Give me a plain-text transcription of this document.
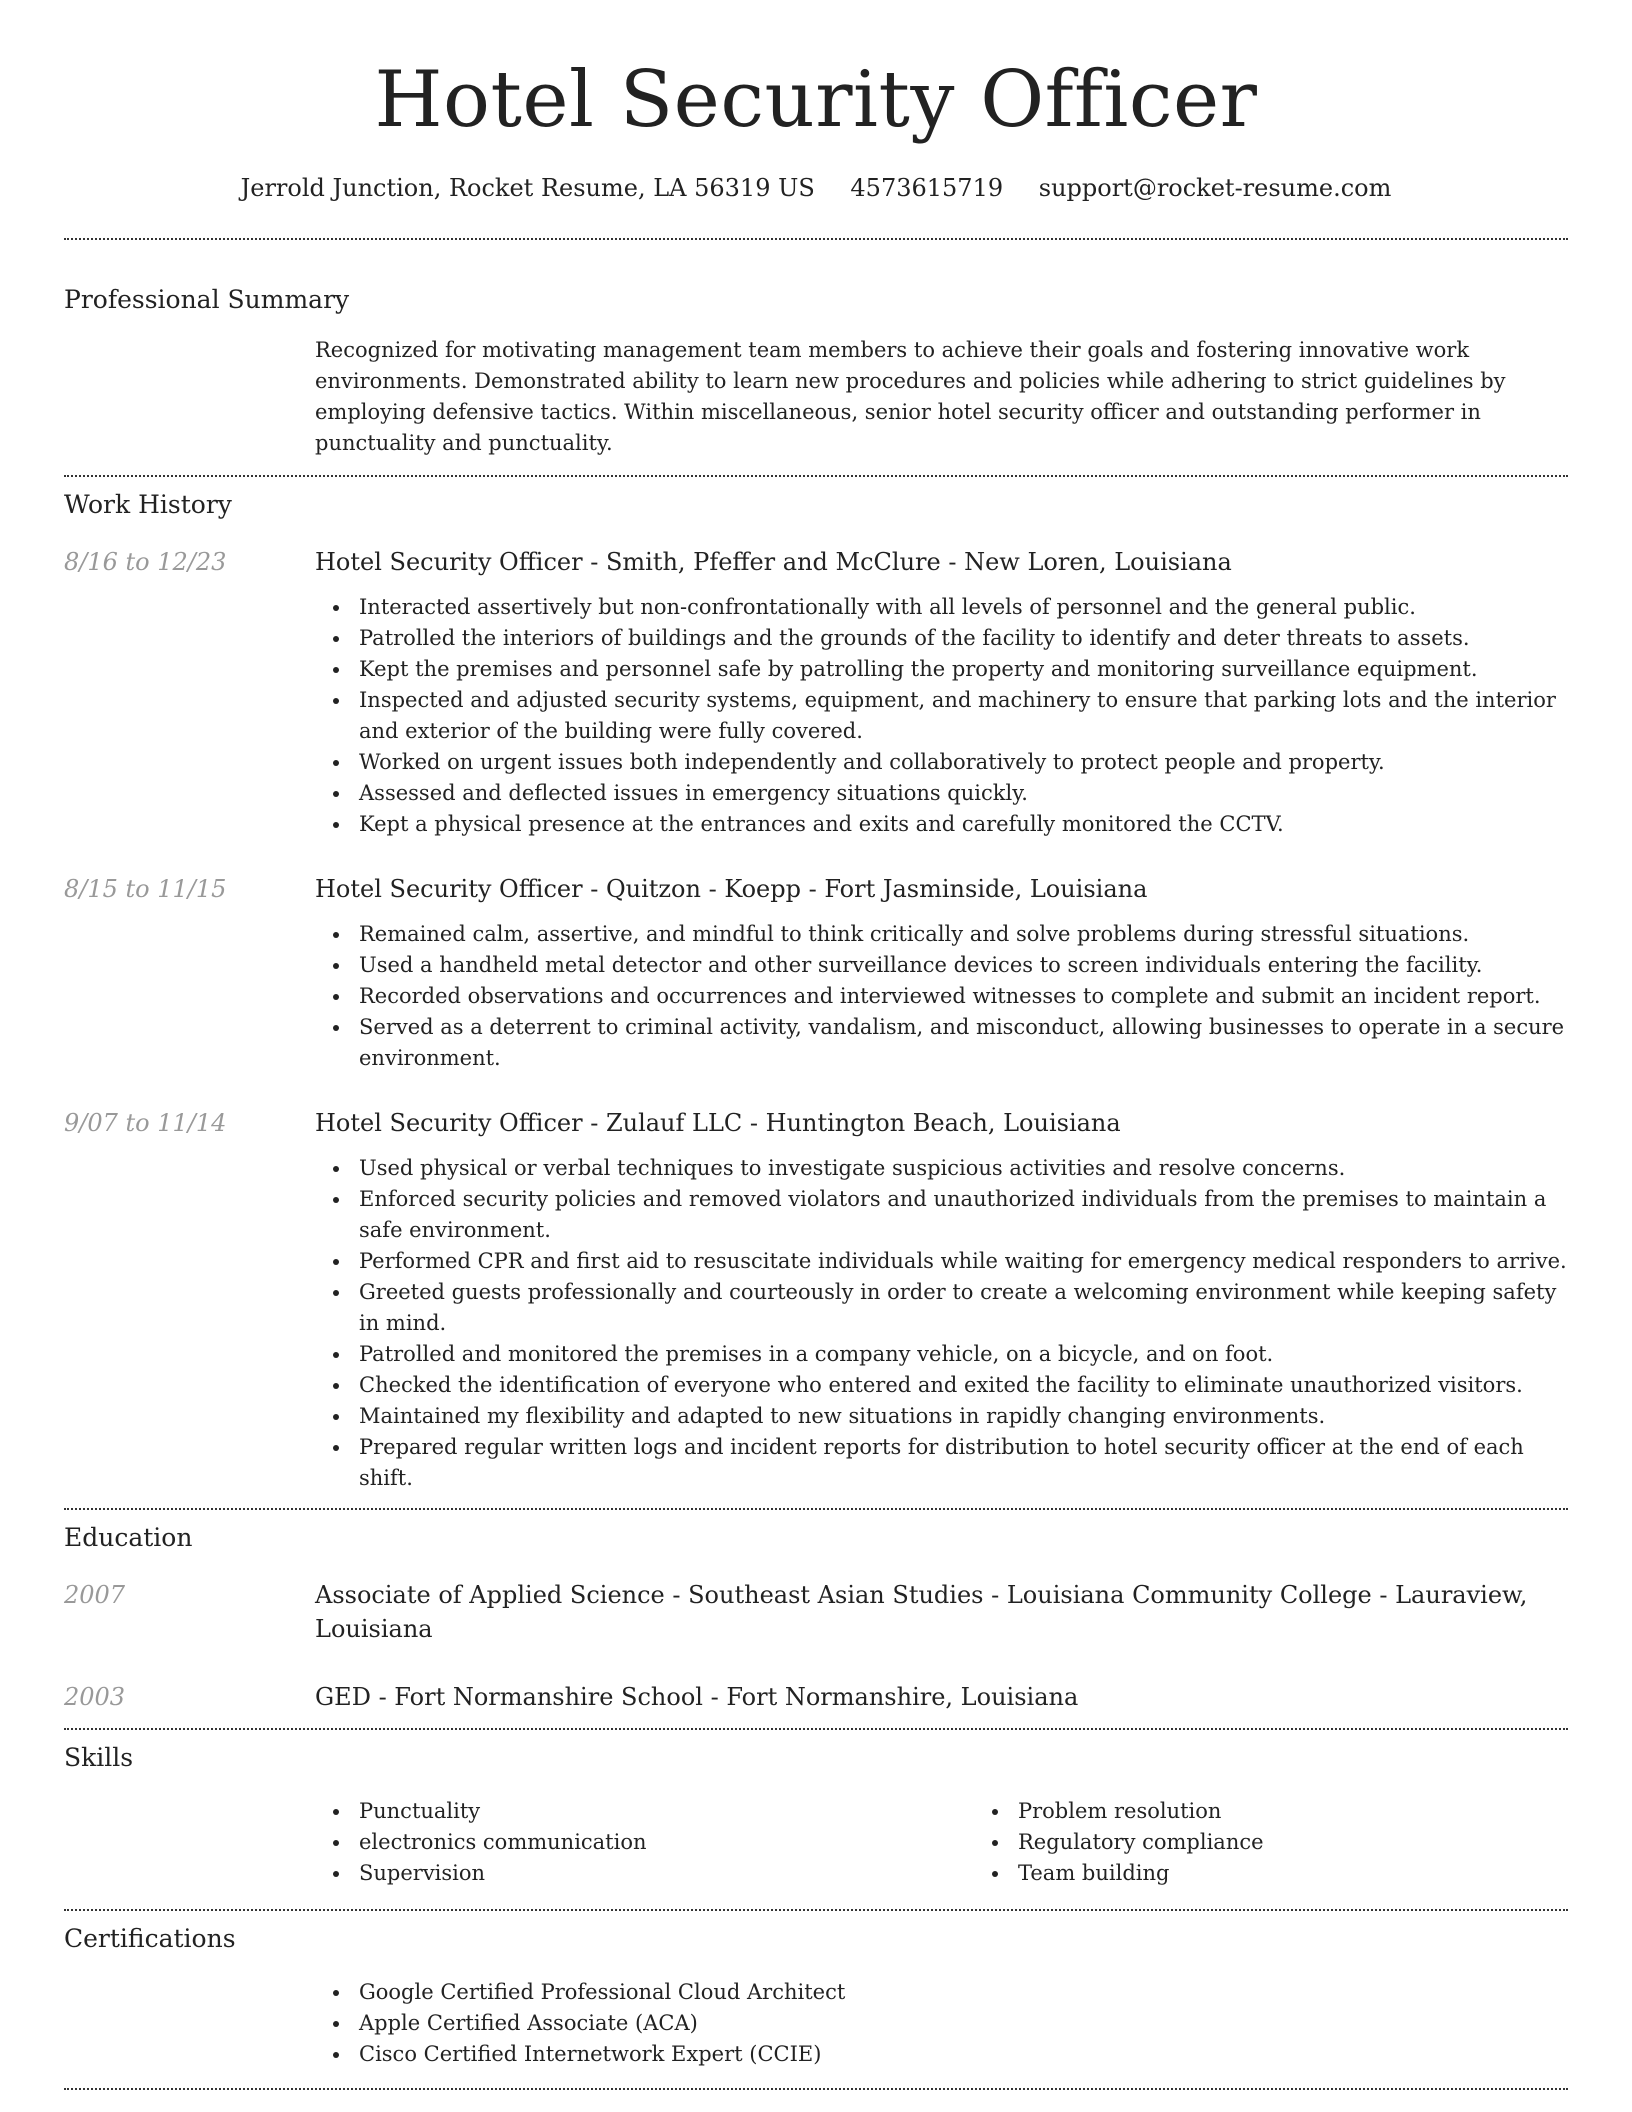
Hotel Security Officer
Jerrold Junction, Rocket Resume, LA 56319 US 4573615719 support@rocket-resume.com
Professional Summary
Recognized for motivating management team members to achieve their goals and fostering innovative work environments. Demonstrated ability to learn new procedures and policies while adhering to strict guidelines by employing defensive tactics. Within miscellaneous, senior hotel security officer and outstanding performer in punctuality and punctuality.
Work History
8/16 to 12/23	Hotel Security Officer - Smith, Pfeffer and McClure - New Loren, Louisiana
Interacted assertively but non-confrontationally with all levels of personnel and the general public.
Patrolled the interiors of buildings and the grounds of the facility to identify and deter threats to assets.
Kept the premises and personnel safe by patrolling the property and monitoring surveillance equipment.
Inspected and adjusted security systems, equipment, and machinery to ensure that parking lots and the interior and exterior of the building were fully covered.
Worked on urgent issues both independently and collaboratively to protect people and property.
Assessed and deflected issues in emergency situations quickly.
Kept a physical presence at the entrances and exits and carefully monitored the CCTV.
8/15 to 11/15	Hotel Security Officer - Quitzon - Koepp - Fort Jasminside, Louisiana
Remained calm, assertive, and mindful to think critically and solve problems during stressful situations.
Used a handheld metal detector and other surveillance devices to screen individuals entering the facility.
Recorded observations and occurrences and interviewed witnesses to complete and submit an incident report.
Served as a deterrent to criminal activity, vandalism, and misconduct, allowing businesses to operate in a secure environment.
9/07 to 11/14	Hotel Security Officer - Zulauf LLC - Huntington Beach, Louisiana
Used physical or verbal techniques to investigate suspicious activities and resolve concerns.
Enforced security policies and removed violators and unauthorized individuals from the premises to maintain a safe environment.
Performed CPR and first aid to resuscitate individuals while waiting for emergency medical responders to arrive.
Greeted guests professionally and courteously in order to create a welcoming environment while keeping safety in mind.
Patrolled and monitored the premises in a company vehicle, on a bicycle, and on foot.
Checked the identification of everyone who entered and exited the facility to eliminate unauthorized visitors.
Maintained my flexibility and adapted to new situations in rapidly changing environments.
Prepared regular written logs and incident reports for distribution to hotel security officer at the end of each shift.
Education
2007	Associate of Applied Science - Southeast Asian Studies - Louisiana Community College - Lauraview, Louisiana
2003	GED - Fort Normanshire School - Fort Normanshire, Louisiana
Skills
Punctuality
electronics communication
Supervision
Problem resolution
Regulatory compliance
Team building
Certifications
Google Certified Professional Cloud Architect
Apple Certified Associate (ACA)
Cisco Certified Internetwork Expert (CCIE)
